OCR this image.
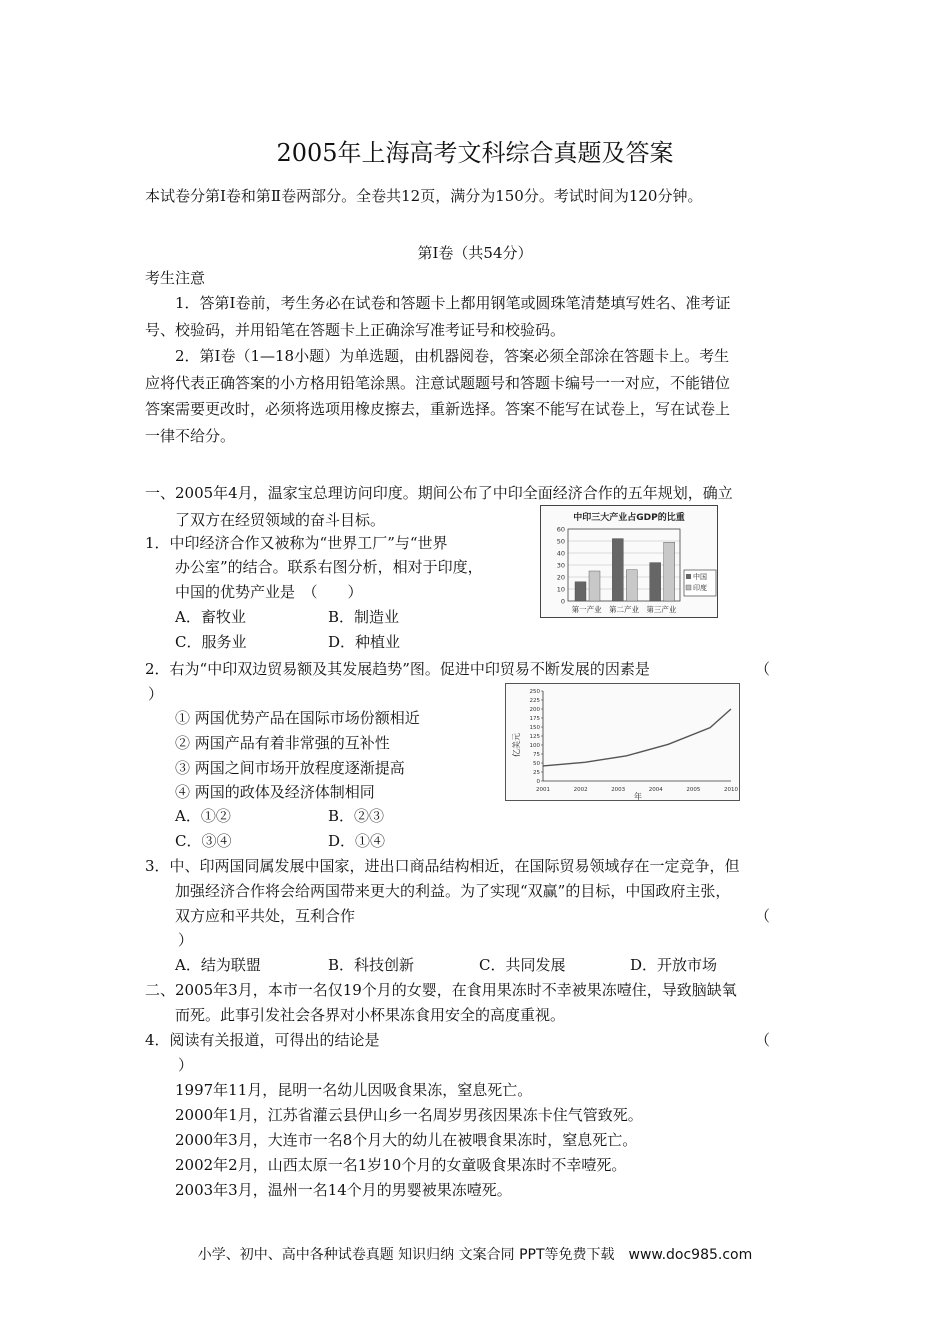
2005年上海高考文科综合真题及答案
本试卷分第Ⅰ卷和第Ⅱ卷两部分。全卷共12页，满分为150分。考试时间为120分钟。
第Ⅰ卷（共54分）
考生注意
1．答第Ⅰ卷前，考生务必在试卷和答题卡上都用钢笔或圆珠笔清楚填写姓名、准考证
号、校验码，并用铅笔在答题卡上正确涂写准考证号和校验码。
2．第Ⅰ卷（1—18小题）为单选题，由机器阅卷，答案必须全部涂在答题卡上。考生
应将代表正确答案的小方格用铅笔涂黑。注意试题题号和答题卡编号一一对应，不能错位
答案需要更改时，必须将选项用橡皮擦去，重新选择。答案不能写在试卷上，写在试卷上
一律不给分。
一、2005年4月，温家宝总理访问印度。期间公布了中印全面经济合作的五年规划，确立
了双方在经贸领域的奋斗目标。
1．中印经济合作又被称为“世界工厂”与“世界
办公室”的结合。联系右图分析，相对于印度，
中国的优势产业是　（　　）
A．畜牧业	B．制造业
C．服务业	D．种植业
中印三大产业占GDP的比重
60
50
40
30
20
10
0
第一产业 第二产业 第三产业
中国
印度
2．右为“中印双边贸易额及其发展趋势”图。促进中印贸易不断发展的因素是	（
）
① 两国优势产品在国际市场份额相近
② 两国产品有着非常强的互补性
③ 两国之间市场开放程度逐渐提高
④ 两国的政体及经济体制相同
A．①②	B．②③
C．③④	D．①④
亿美元
250
225
200
175
150
125
100
75
50
25
0
2001	2002	2003	2004	2005	2010
年
3．中、印两国同属发展中国家，进出口商品结构相近，在国际贸易领域存在一定竞争，但
加强经济合作将会给两国带来更大的利益。为了实现“双赢”的目标，中国政府主张，
双方应和平共处，互利合作	（
）
A．结为联盟	B．科技创新	C．共同发展	D．开放市场
二、2005年3月，本市一名仅19个月的女婴，在食用果冻时不幸被果冻噎住，导致脑缺氧
而死。此事引发社会各界对小杯果冻食用安全的高度重视。
4．阅读有关报道，可得出的结论是	（
）
1997年11月，昆明一名幼儿因吸食果冻，窒息死亡。
2000年1月，江苏省灌云县伊山乡一名周岁男孩因果冻卡住气管致死。
2000年3月，大连市一名8个月大的幼儿在被喂食果冻时，窒息死亡。
2002年2月，山西太原一名1岁10个月的女童吸食果冻时不幸噎死。
2003年3月，温州一名14个月的男婴被果冻噎死。
小学、初中、高中各种试卷真题 知识归纳 文案合同 PPT等免费下载　www.doc985.com
